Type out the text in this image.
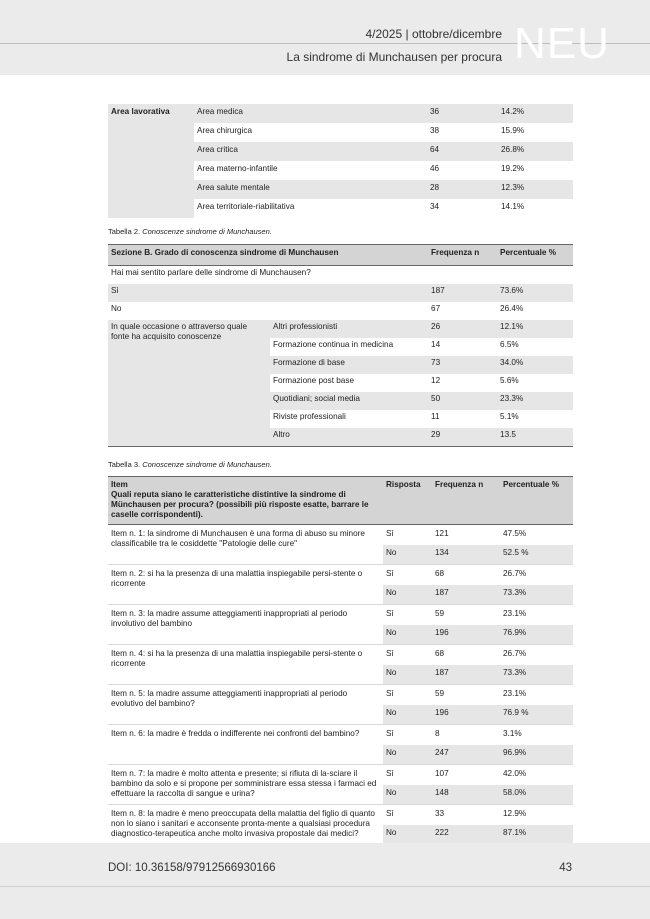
4/2025 | ottobre/dicembre
La sindrome di Munchausen per procura NEU
Area lavorativa	Area medica	36	14.2%
	Area chirurgica	38	15.9%
	Area critica	64	26.8%
	Area materno-infantile	46	19.2%
	Area salute mentale	28	12.3%
	Area territoriale-riabilitativa	34	14.1%
Tabella 2. Conoscenze sindrome di Munchausen.
Sezione B. Grado di conoscenza sindrome di Munchausen		Frequenza n	Percentuale %
Hai mai sentito parlare delle sindrome di Munchausen?			
Sì		187	73.6%
No		67	26.4%
In quale occasione o attraverso quale fonte ha acquisito conoscenze	Altri professionisti	26	12.1%
	Formazione continua in medicina	14	6.5%
	Formazione di base	73	34.0%
	Formazione post base	12	5.6%
	Quotidiani; social media	50	23.3%
	Riviste professionali	11	5.1%
	Altro	29	13.5
Tabella 3. Conoscenze sindrome di Munchausen.
Item
Quali reputa siano le caratteristiche distintive la sindrome di Münchausen per procura? (possibili più risposte esatte, barrare le caselle corrispondenti).	Risposta	Frequenza n	Percentuale %
Item n. 1: la sindrome di Munchausen è una forma di abuso su minore classificabile tra le cosiddette "Patologie delle cure"	Sì	121	47.5%
	No	134	52.5 %
Item n. 2: si ha la presenza di una malattia inspiegabile persi-stente o ricorrente	Sì	68	26.7%
	No	187	73.3%
Item n. 3: la madre assume atteggiamenti inappropriati al periodo involutivo del bambino	Sì	59	23.1%
	No	196	76.9%
Item n. 4: si ha la presenza di una malattia inspiegabile persi-stente o ricorrente	Sì	68	26.7%
	No	187	73.3%
Item n. 5: la madre assume atteggiamenti inappropriati al periodo evolutivo del bambino?	Sì	59	23.1%
	No	196	76.9 %
Item n. 6: la madre è fredda o indifferente nei confronti del bambino?	Sì	8	3.1%
	No	247	96.9%
Item n. 7: la madre è molto attenta e presente; si rifiuta di la-sciare il bambino da solo e si propone per somministrare essa stessa i farmaci ed effettuare la raccolta di sangue e urina?	Sì	107	42.0%
	No	148	58.0%
Item n. 8: la madre è meno preoccupata della malattia del figlio di quanto non lo siano i sanitari e acconsente pronta-mente a qualsiasi procedura diagnostico-terapeutica anche molto invasiva propostale dai medici?	Sì	33	12.9%
	No	222	87.1%
DOI: 10.36158/97912566930166	43
